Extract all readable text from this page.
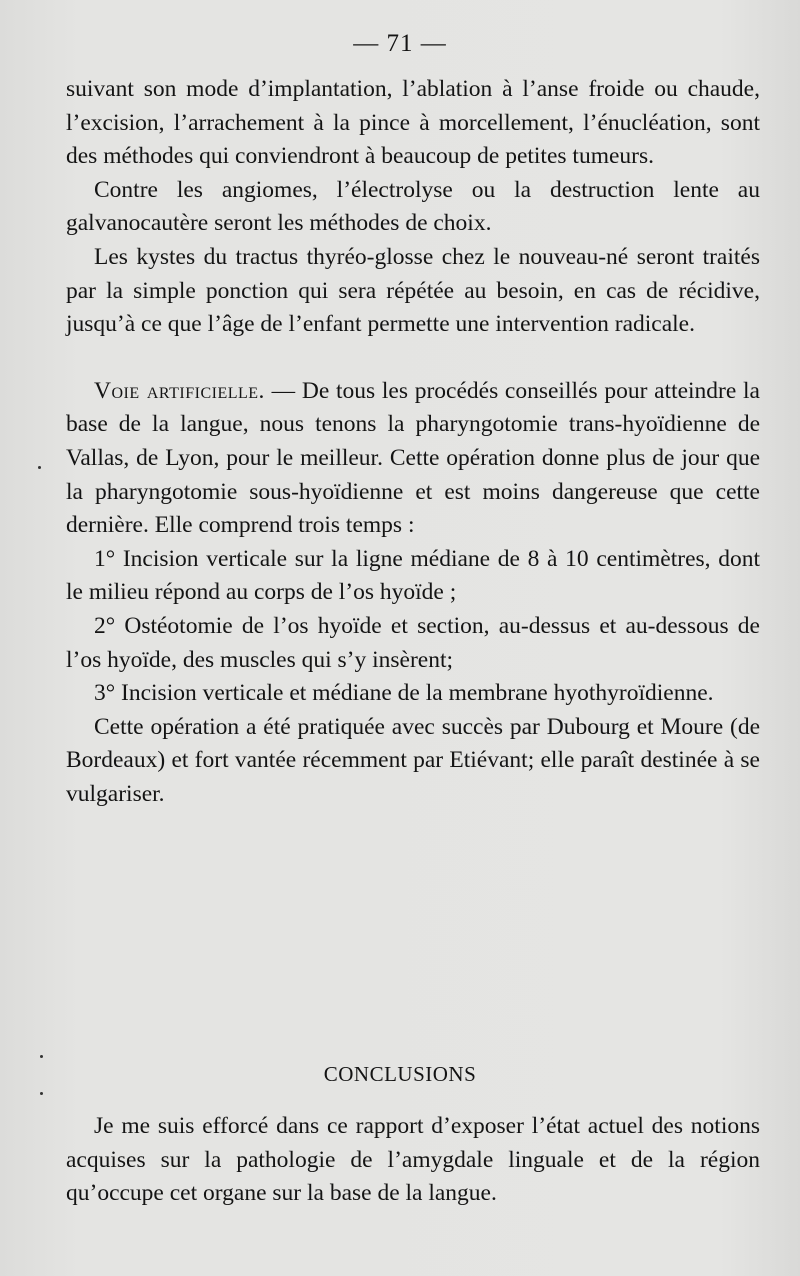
— 71 —

suivant son mode d’implantation, l’ablation à l’anse froide ou chaude, l’excision, l’arrachement à la pince à morcellement, l’énucléation, sont des méthodes qui conviendront à beaucoup de petites tumeurs.

Contre les angiomes, l’électrolyse ou la destruction lente au galvanocautère seront les méthodes de choix.

Les kystes du tractus thyréo-glosse chez le nouveau-né seront traités par la simple ponction qui sera répétée au besoin, en cas de récidive, jusqu’à ce que l’âge de l’enfant permette une intervention radicale.

Voie artificielle. — De tous les procédés conseillés pour atteindre la base de la langue, nous tenons la pharyngotomie trans-hyoïdienne de Vallas, de Lyon, pour le meilleur. Cette opération donne plus de jour que la pharyngotomie sous-hyoïdienne et est moins dangereuse que cette dernière. Elle comprend trois temps :

1° Incision verticale sur la ligne médiane de 8 à 10 centimètres, dont le milieu répond au corps de l’os hyoïde ;

2° Ostéotomie de l’os hyoïde et section, au-dessus et au-dessous de l’os hyoïde, des muscles qui s’y insèrent;

3° Incision verticale et médiane de la membrane hyothyroïdienne.

Cette opération a été pratiquée avec succès par Dubourg et Moure (de Bordeaux) et fort vantée récemment par Etiévant; elle paraît destinée à se vulgariser.

CONCLUSIONS

Je me suis efforcé dans ce rapport d’exposer l’état actuel des notions acquises sur la pathologie de l’amygdale linguale et de la région qu’occupe cet organe sur la base de la langue.
